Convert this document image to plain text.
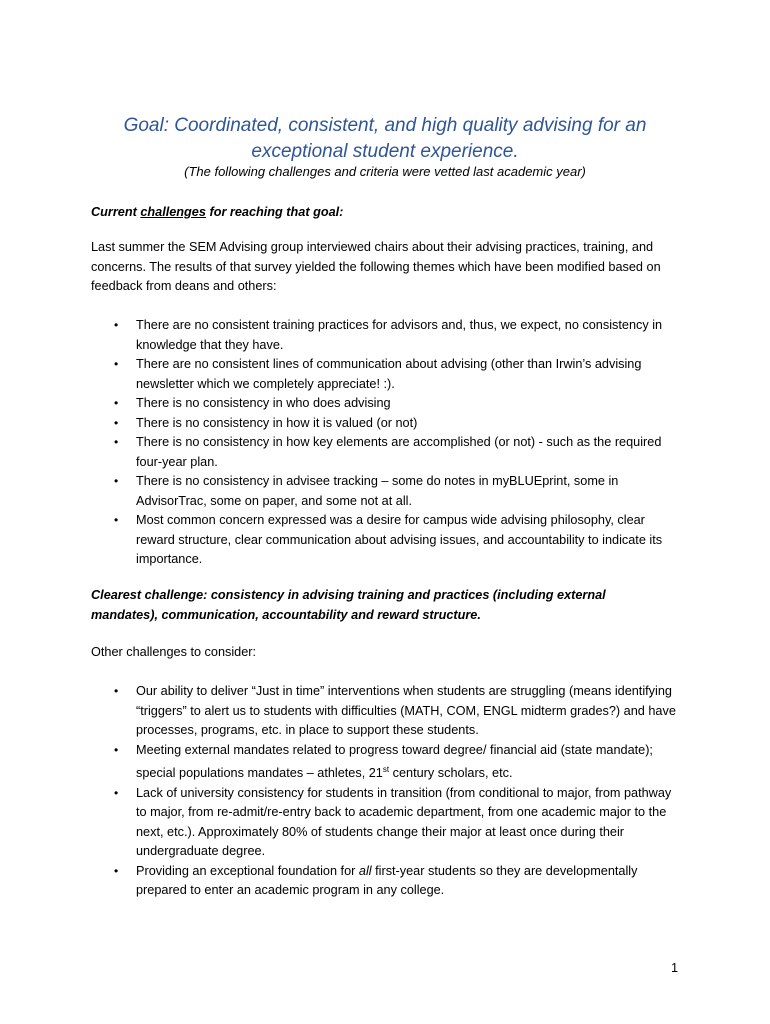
Goal: Coordinated, consistent, and high quality advising for an
exceptional student experience.

(The following challenges and criteria were vetted last academic year)

Current challenges for reaching that goal:

Last summer the SEM Advising group interviewed chairs about their advising practices, training, and concerns. The results of that survey yielded the following themes which have been modified based on feedback from deans and others:

• There are no consistent training practices for advisors and, thus, we expect, no consistency in knowledge that they have.
• There are no consistent lines of communication about advising (other than Irwin’s advising newsletter which we completely appreciate! :).
• There is no consistency in who does advising
• There is no consistency in how it is valued (or not)
• There is no consistency in how key elements are accomplished (or not) - such as the required four-year plan.
• There is no consistency in advisee tracking – some do notes in myBLUEprint, some in AdvisorTrac, some on paper, and some not at all.
• Most common concern expressed was a desire for campus wide advising philosophy, clear reward structure, clear communication about advising issues, and accountability to indicate its importance.

Clearest challenge: consistency in advising training and practices (including external mandates), communication, accountability and reward structure.

Other challenges to consider:

• Our ability to deliver “Just in time” interventions when students are struggling (means identifying “triggers” to alert us to students with difficulties (MATH, COM, ENGL midterm grades?) and have processes, programs, etc. in place to support these students.
• Meeting external mandates related to progress toward degree/ financial aid (state mandate); special populations mandates – athletes, 21st century scholars, etc.
• Lack of university consistency for students in transition (from conditional to major, from pathway to major, from re-admit/re-entry back to academic department, from one academic major to the next, etc.). Approximately 80% of students change their major at least once during their undergraduate degree.
• Providing an exceptional foundation for all first-year students so they are developmentally prepared to enter an academic program in any college.
1
